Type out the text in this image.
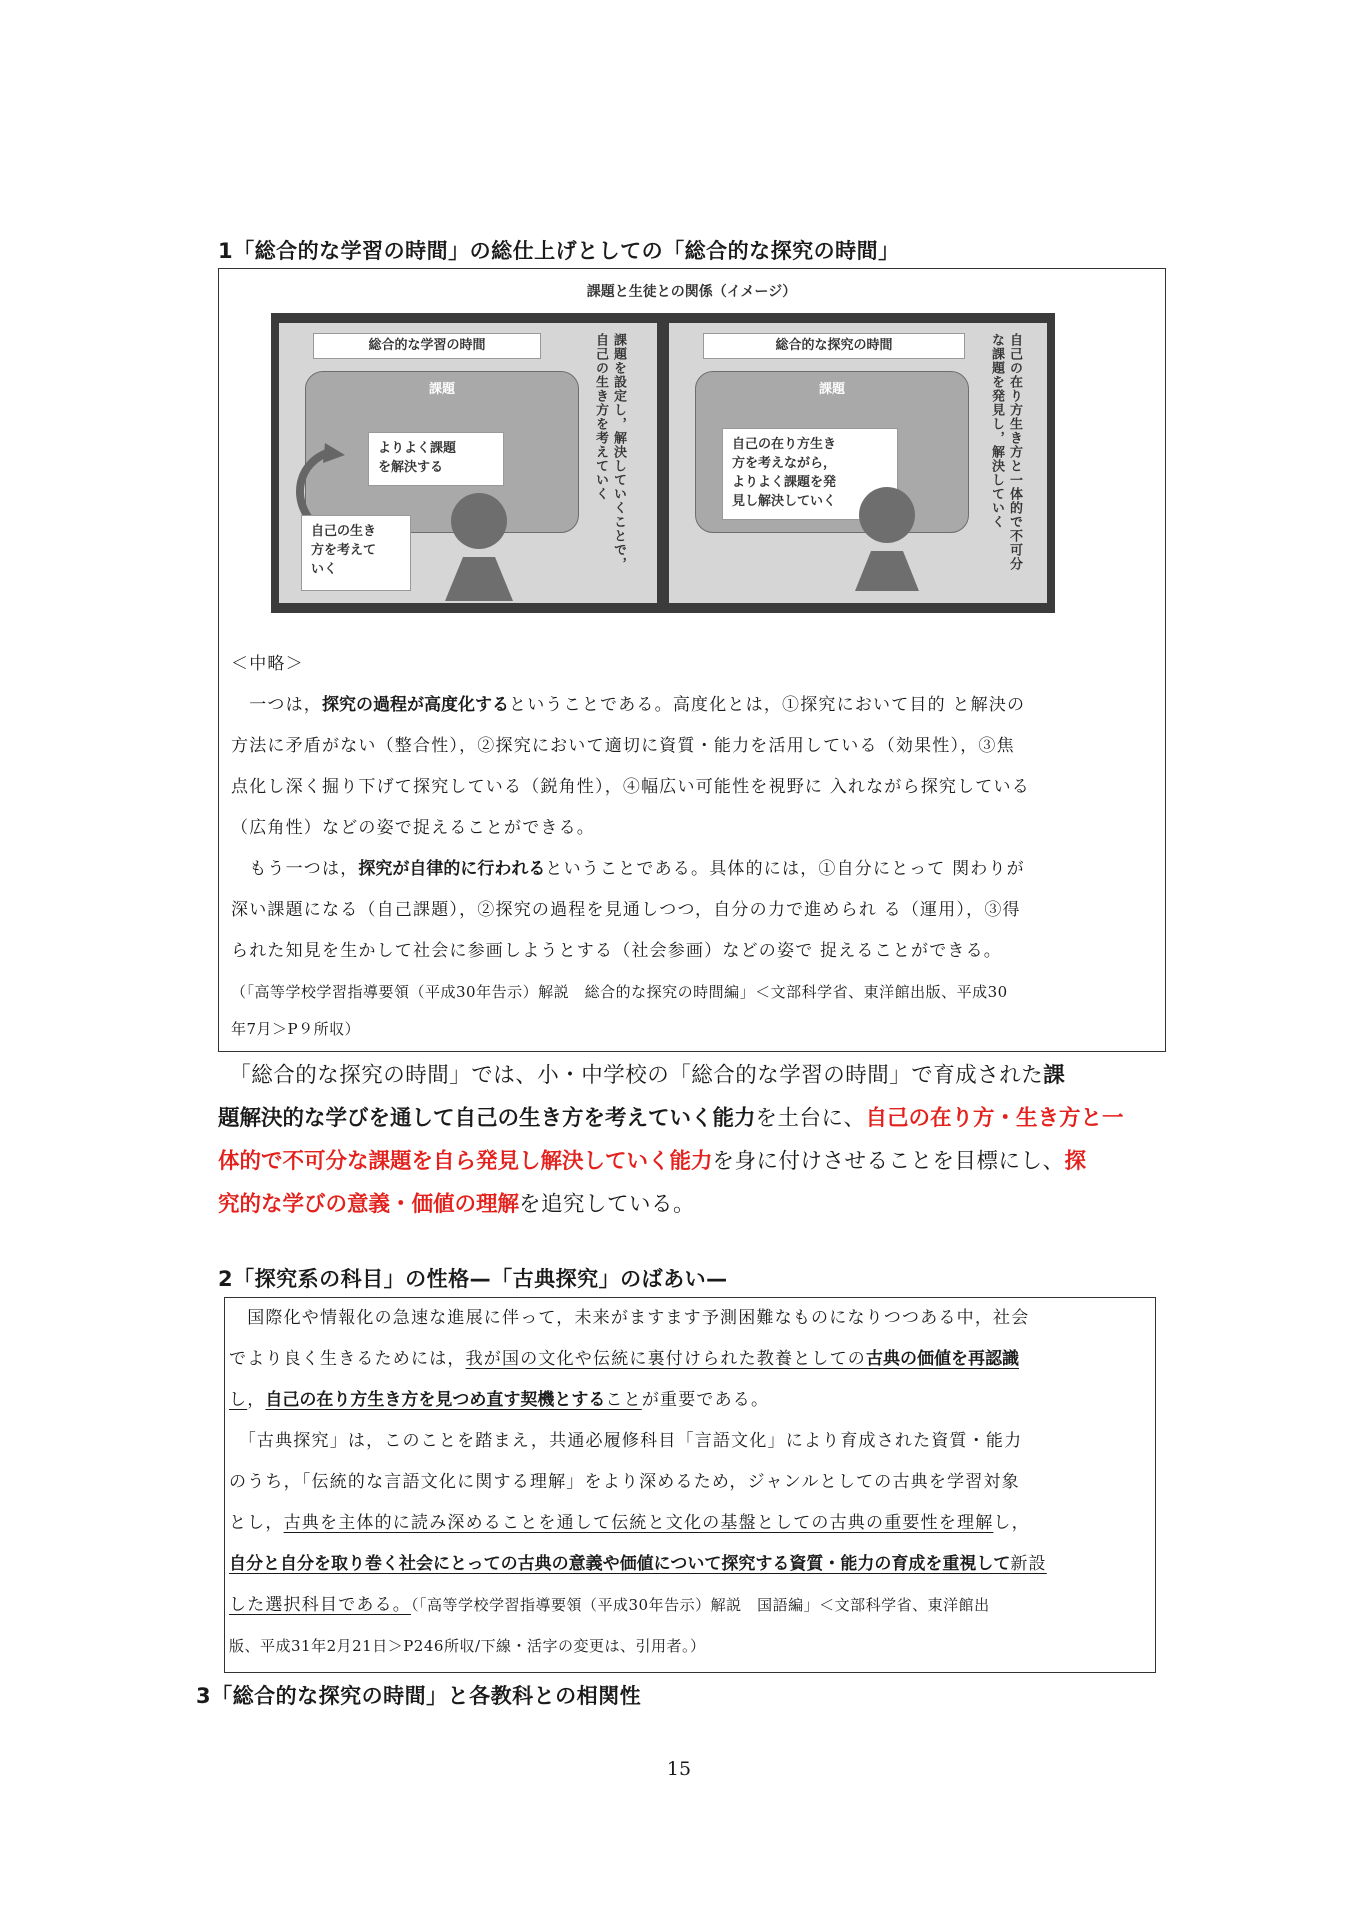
1「総合的な学習の時間」の総仕上げとしての「総合的な探究の時間」
課題と生徒との関係（イメージ）
総合的な学習の時間
課題
よりよく課題
を解決する
自己の生き
方を考えて
いく	課題を設定し，解決していくことで，
自己の生き方を考えていく	総合的な探究の時間
課題
自己の在り方生き
方を考えながら，
よりよく課題を発
見し解決していく	自己の在り方生き方と一体的で不可分
な課題を発見し，解決していく
＜中略＞
　一つは，探究の過程が高度化するということである。高度化とは，①探究において目的 と解決の
方法に矛盾がない（整合性），②探究において適切に資質・能力を活用している（効果性），③焦
点化し深く掘り下げて探究している（鋭角性），④幅広い可能性を視野に 入れながら探究している
（広角性）などの姿で捉えることができる。
　もう一つは，探究が自律的に行われるということである。具体的には，①自分にとって 関わりが
深い課題になる（自己課題），②探究の過程を見通しつつ，自分の力で進められ る（運用），③得
られた知見を生かして社会に参画しようとする（社会参画）などの姿で 捉えることができる。
（「高等学校学習指導要領（平成30年告示）解説　総合的な探究の時間編」＜文部科学省、東洋館出版、平成30
年7月＞P９所収）
　「総合的な探究の時間」では、小・中学校の「総合的な学習の時間」で育成された課
題解決的な学びを通して自己の生き方を考えていく能力を土台に、自己の在り方・生き方と一
体的で不可分な課題を自ら発見し解決していく能力を身に付けさせることを目標にし、探
究的な学びの意義・価値の理解を追究している。
2「探究系の科目」の性格—「古典探究」のばあい—
　国際化や情報化の急速な進展に伴って，未来がますます予測困難なものになりつつある中，社会
でより良く生きるためには，我が国の文化や伝統に裏付けられた教養としての古典の価値を再認識
し，自己の在り方生き方を見つめ直す契機とすることが重要である。
　「古典探究」は，このことを踏まえ，共通必履修科目「言語文化」により育成された資質・能力
のうち，「伝統的な言語文化に関する理解」をより深めるため，ジャンルとしての古典を学習対象
とし，古典を主体的に読み深めることを通して伝統と文化の基盤としての古典の重要性を理解し，
自分と自分を取り巻く社会にとっての古典の意義や価値について探究する資質・能力の育成を重視して新設
した選択科目である。（「高等学校学習指導要領（平成30年告示）解説　国語編」＜文部科学省、東洋館出
版、平成31年2月21日＞P246所収/下線・活字の変更は、引用者。）
3「総合的な探究の時間」と各教科との相関性
15
